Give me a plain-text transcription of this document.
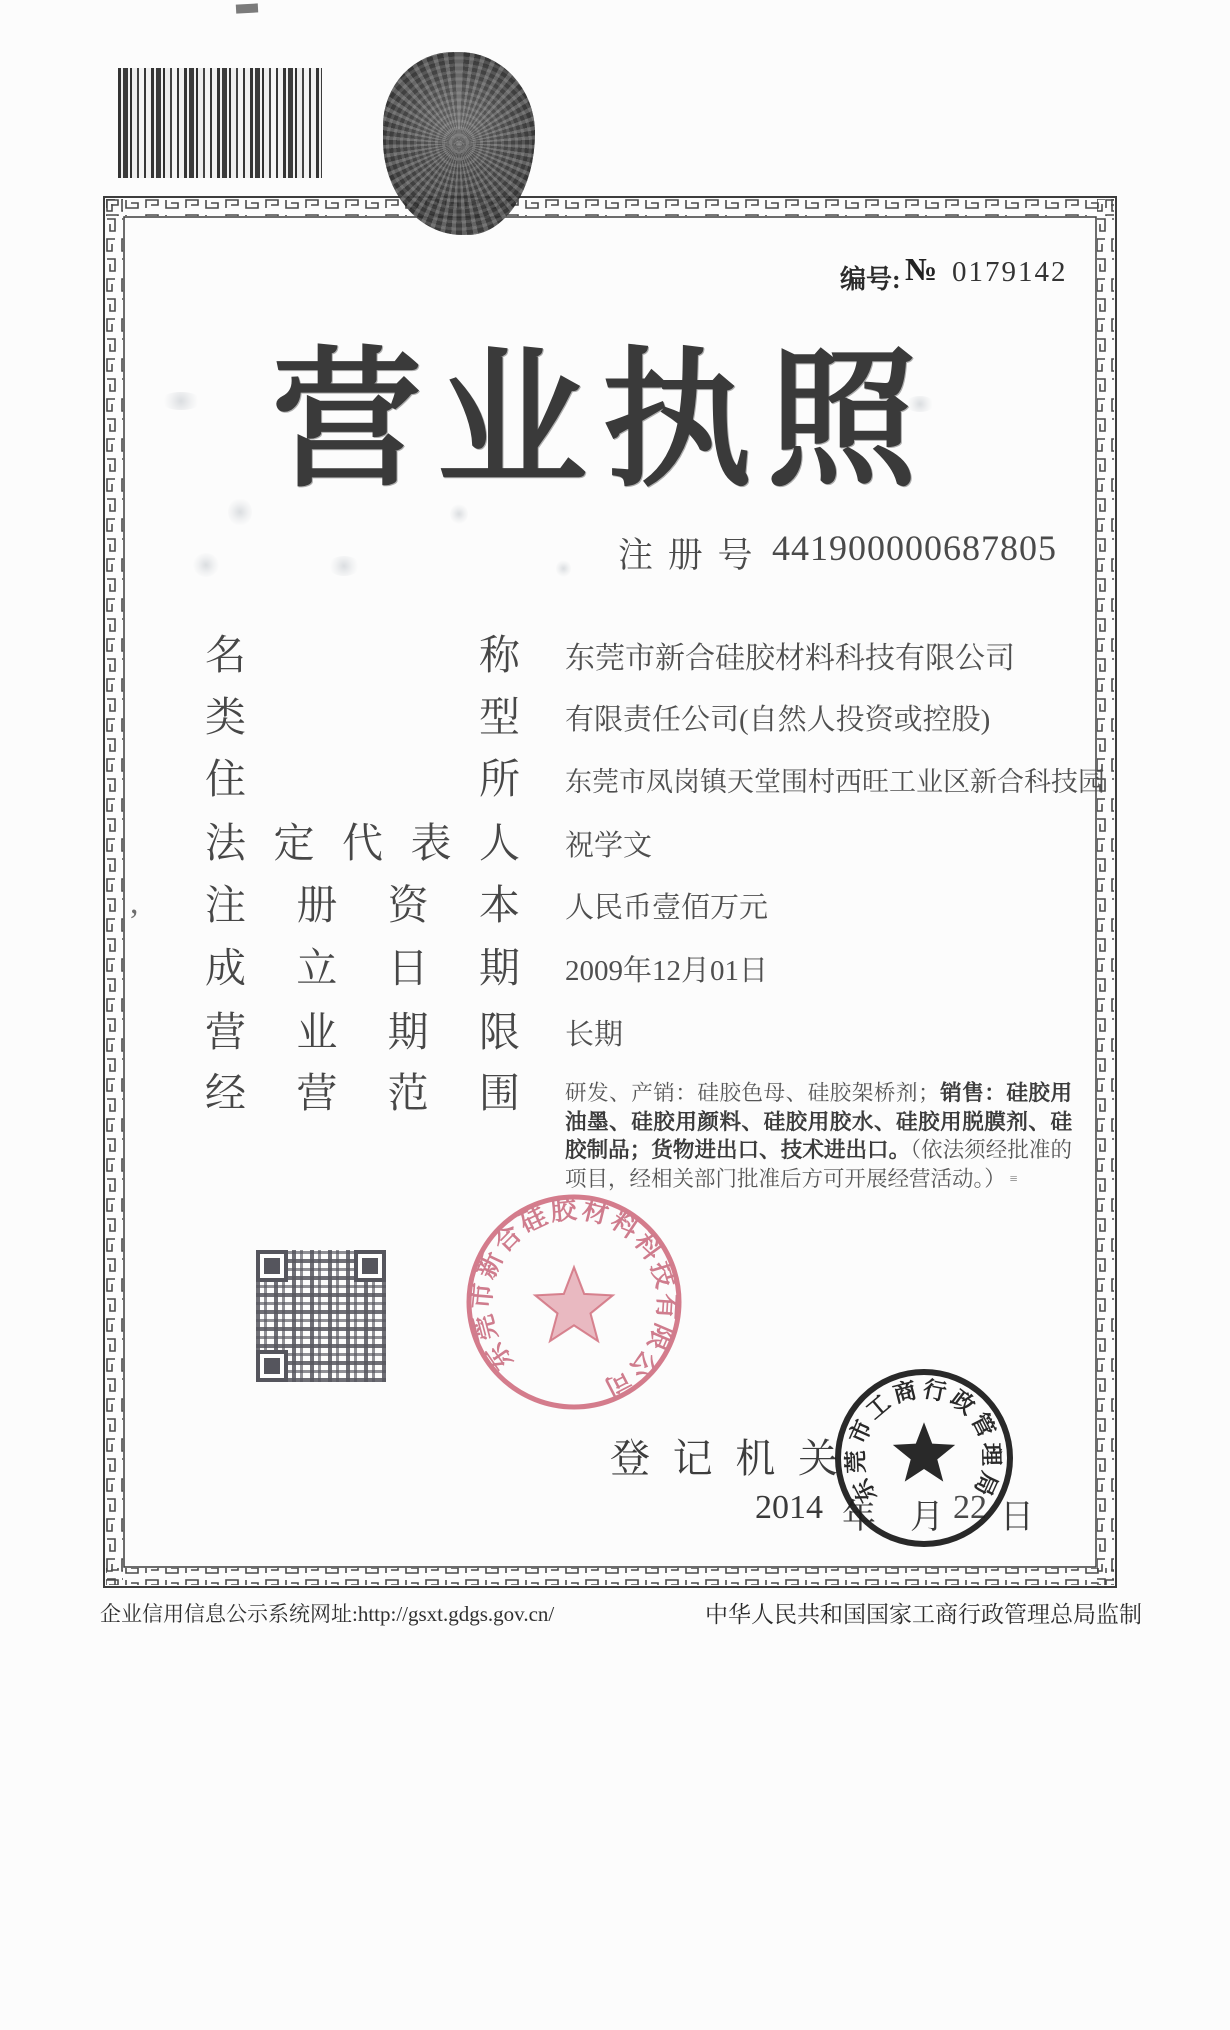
编号: № 0179142
营 业 执 照
注 册 号 441900000687805
名	称 东莞市新合硅胶材料科技有限公司
类	型 有限责任公司(自然人投资或控股)
住	所 东莞市凤岗镇天堂围村西旺工业区新合科技园
法 定 代 表 人 祝学文
, 注 册 资 本 人民币壹佰万元
成 立 日 期 2009年12月01日
营 业 期 限 长期
经 营 范 围 研发、产销：硅胶色母、硅胶架桥剂；销售：硅胶用油墨、硅胶用颜料、硅胶用胶水、硅胶用脱膜剂、硅胶制品；货物进出口、技术进出口。（依法须经批准的项目，经相关部门批准后方可开展经营活动。） ≡
东莞市新合硅胶材料科技有限公司
登 记 机 关
2014 年 月 22 日
东莞市工商行政管理局
企业信用信息公示系统网址:http://gsxt.gdgs.gov.cn/	中华人民共和国国家工商行政管理总局监制
